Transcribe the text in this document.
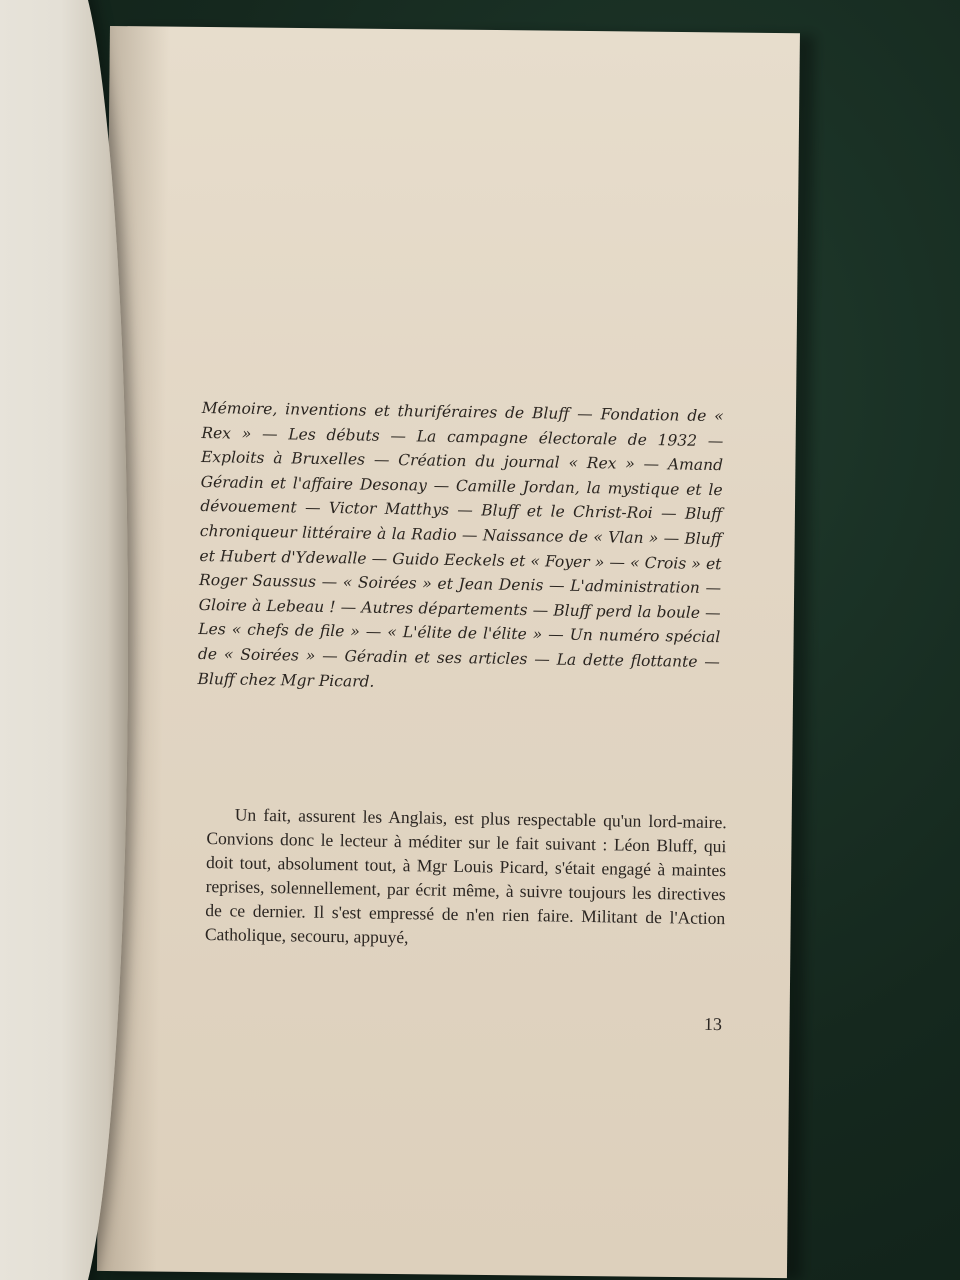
Mémoire, inventions et thuriféraires de Bluff — Fondation de « Rex » — Les débuts — La campagne électorale de 1932 — Exploits à Bruxelles — Création du journal « Rex » — Amand Géradin et l'affaire Desonay — Camille Jordan, la mystique et le dévouement — Victor Matthys — Bluff et le Christ-Roi — Bluff chroniqueur littéraire à la Radio — Naissance de « Vlan » — Bluff et Hubert d'Ydewalle — Guido Eeckels et « Foyer » — « Crois » et Roger Saussus — « Soirées » et Jean Denis — L'administration — Gloire à Lebeau ! — Autres départements — Bluff perd la boule — Les « chefs de file » — « L'élite de l'élite » — Un numéro spécial de « Soirées » — Géradin et ses articles — La dette flottante — Bluff chez Mgr Picard.

Un fait, assurent les Anglais, est plus respectable qu'un lord-maire. Convions donc le lecteur à méditer sur le fait suivant : Léon Bluff, qui doit tout, absolument tout, à Mgr Louis Picard, s'était engagé à maintes reprises, solennellement, par écrit même, à suivre toujours les directives de ce dernier. Il s'est empressé de n'en rien faire. Militant de l'Action Catholique, secouru, appuyé,

13
